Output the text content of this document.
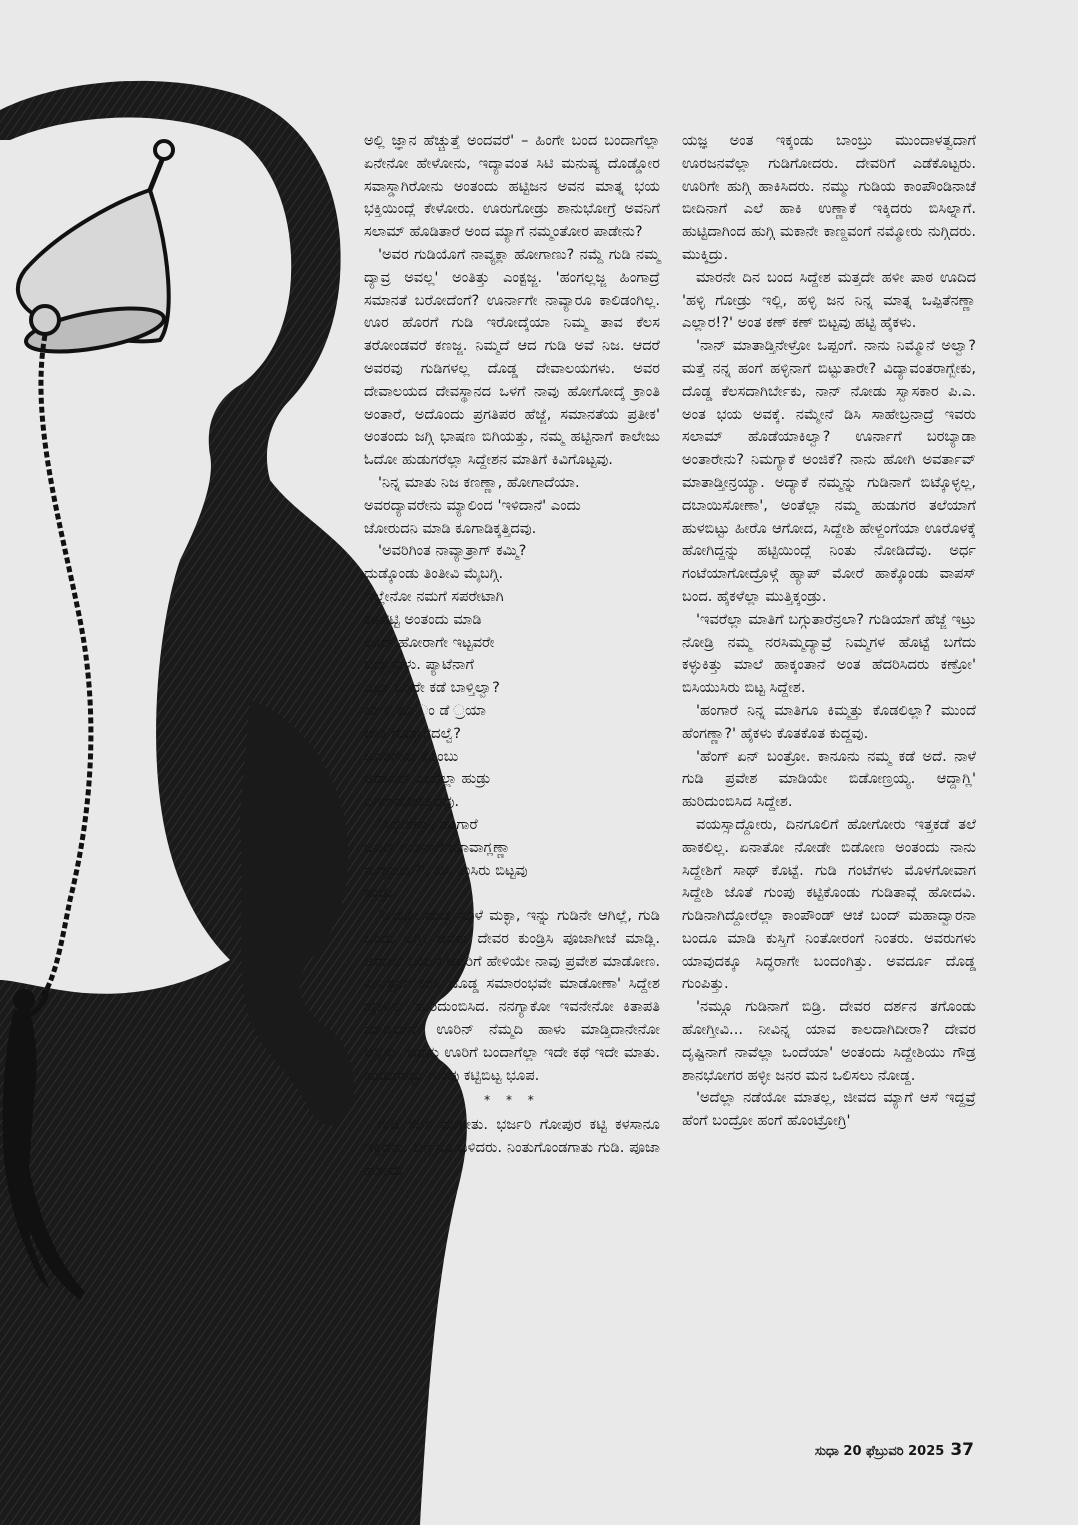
ಅಲ್ಲಿ ಜ್ಞಾನ ಹೆಚ್ಚುತ್ತೆ ಅಂದವರೆ' – ಹಿಂಗೇ ಬಂದ ಬಂದಾಗೆಲ್ಲಾ ಏನೇನೋ ಹೇಳೋನು, ಇದ್ಯಾವಂತ ಸಿಟಿ ಮನುಷ್ಯ ದೊಡ್ಡೋರ ಸವಾಸ್ಡಾಗಿರೋನು ಅಂತಂದು ಹಟ್ಟಿಜನ ಅವನ ಮಾತ್ನ ಭಯ ಭಕ್ತಿಯಿಂದ್ಲೆ ಕೇಳೋರು. ಊರುಗೋಡ್ರು ಶಾನುಭೋಗ್ರೆ ಅವನಿಗೆ ಸಲಾಮ್ ಹೊಡಿತಾರೆ ಅಂದ ಮ್ಯಾಗೆ ನಮ್ಮಂತೋರ ಪಾಡೇನು?

'ಅವರ ಗುಡಿಯೊಗೆ ನಾವ್ಯಕ್ಲಾ ಹೋಗಾಣು? ನಮ್ದೆ ಗುಡಿ ನಮ್ಮ ದ್ಯಾವ್ರ ಅವಲ್ಲ' ಅಂತಿತ್ತು ಎಂಕ್ಟಜ್ಜ. 'ಹಂಗಲ್ಲಜ್ಜ ಹಿಂಗಾದ್ರೆ ಸಮಾನತೆ ಬರೋದೆಂಗೆ? ಊರ್ನಾಗೇ ನಾವ್ಯಾರೂ ಕಾಲಿಡಂಗಿಲ್ಲ. ಊರ ಹೊರಗೆ ಗುಡಿ ಇರೋದ್ಕೆಯಾ ನಿಮ್ಮ ತಾವ ಕೆಲಸ ತರೋಂಡವರೆ ಕಣಜ್ಜ. ನಿಮ್ಮದೆ ಆದ ಗುಡಿ ಅವೆ ನಿಜ. ಆದರೆ ಅವರವು ಗುಡಿಗಳಲ್ಲ ದೊಡ್ಡ ದೇವಾಲಯಗಳು. ಅವರ ದೇವಾಲಯದ ದೇವಸ್ಥಾನದ ಒಳಗೆ ನಾವು ಹೋಗೋದ್ಕೆ ಕ್ರಾಂತಿ ಅಂತಾರೆ, ಅದೊಂದು ಪ್ರಗತಿಪರ ಹೆಜ್ಜೆ, ಸಮಾನತೆಯ ಪ್ರತೀಕ' ಅಂತಂದು ಜಗ್ಗಿ ಭಾಷಣ ಬಿಗಿಯತ್ತು, ನಮ್ಮ ಹಟ್ಟಿನಾಗೆ ಕಾಲೇಜು ಓದೋ ಹುಡುಗರೆಲ್ಲಾ ಸಿದ್ದೇಶನ ಮಾತಿಗೆ ಕಿವಿಗೊಟ್ಟವು.

'ನಿನ್ನ ಮಾತು ನಿಜ ಕಣಣ್ಣಾ, ಹೋಗಾದೆಯಾ.

ಅವರದ್ಯಾವರೇನು ಮ್ಯಾಲಿಂದ 'ಇಳಿದಾನೆ' ಎಂದು

ಜೋರುದನಿ ಮಾಡಿ ಕೂಗಾಡಿಕ್ಕತ್ತಿದವು.

'ಅವರಿಗಿಂತ ನಾವ್ಯಾತ್ರಾಗ್ ಕಮ್ಮಿ?

ದುಡ್ಕೊಂಡು ತಿಂತೀವಿ ಮೈಬಗ್ಗಿ.

ಇಲ್ಲೇನೋ ನಮಗೆ ಸಪರೇಟಾಗಿ

ಕೆಳಹಟ್ಟಿ ಅಂತಂದು ಮಾಡಿ

ಊರ್ ಹೋರಾಗೇ ಇಟ್ಟವರೇ

ಬದ್ಮಾಸ್ಗುಳು. ಪ್ಯಾಟೆನಾಗೆ

ಎಲ್ಲಾ ಒಂದೇ ಕಡೆ ಬಾಳ್ತಿಲ್ವಾ?

ಹೇ ಳೆ ಕೊ ಂ ಡೆ ್ರಯಾ

ಜಾತಿ ಗೊತ್ತಾಗದಲ್ವೆ?

ಅವರಿಗೇನು ಕೊಂಬು

ಅದಾವರ್ ಎಂದೆಲ್ಲಾ ಹುಡ್ರು

ಎಗರಾಡೋಕತ್ತಿದವು.

'ಸಿದ್ದೇಶಣ್ಣಾ, ಹಂಗಾರೆ

ಅವರ್ ಗುಡಿನಾಗೆ ಯಾವಾಗ್ಲಣ್ಣಾ

ನುಗ್ಗೋದು?', ಬಸಿ ಉಸಿರು ಬಿಟ್ಟವು

ಹುಡ್ರು.

'ಅಯ್ಯೋ ಹುಚ್ಚ ಸೂಳೆ ಮಕ್ಳಾ, ಇನ್ನು ಗುಡಿನೇ ಆಗಿಲ್ಲೆ, ಗುಡಿ ಒಂದು ಅಗ್ಲಿ. ಅವರು ದೇವರ ಕುಂಡ್ರಿಸಿ ಪೂಜಾಗೀಜೆ ಮಾಡ್ಲಿ. ಆಮೇಲೆ ಒಂದಿನ ಅವರಿಗೆ ಹೇಳಿಯೇ ನಾವು ಪ್ರವೇಶ ಮಾಡೋಣ. ಮಿನಿಸ್ಟರ್ನ ಕರೆಸಿ ದೊಡ್ಡ ಸಮಾರಂಭವೇ ಮಾಡೋಣಾ' ಸಿದ್ದೇಶ ಹೈಕಳನ್ನು ಹುರಿದುಂಬಿಸಿದ. ನನಗ್ಯಾಕೋ ಇವನೇನೋ ಕಿತಾಪತಿ ಮಾಡ್ತಿದಾನೆ, ಊರಿನ್ ನೆಮ್ಮದಿ ಹಾಳು ಮಾಡ್ತಿದಾನೇನೋ ಅನ್ನಿಸ್ತು. ಅವನು ಊರಿಗೆ ಬಂದಾಗೆಲ್ಲಾ ಇದೇ ಕಥೆ ಇದೇ ಮಾತು. ಹುಡುಗರದ್ದು ಗುಂಪು ಕಟ್ಟಿಬಿಟ್ಟ ಭೂಪ.

* * *

ಗುಡಿ ಕೆಲಸ ಮುಗೀತು. ಭರ್ಜರಿ ಗೋಪುರ ಕಟ್ಟಿ ಕಳಸಾನೂ ಇಕ್ಕಿದರು. ಬಣ್ಣನೂ ಬಳಿದರು. ನಿಂತುಗೊಂಡಗಾತು ಗುಡಿ. ಪೂಜಾ ಹೋಮ

ಯಜ್ಞ ಅಂತ ಇಕ್ಕಂಡು ಬಾಂಬ್ರು ಮುಂದಾಳತ್ವದಾಗೆ ಊರಜನವೆಲ್ಲಾ ಗುಡಿಗೋದರು. ದೇವರಿಗೆ ಎಡೆಕೊಟ್ಟರು. ಊರಿಗೇ ಹುಗ್ಗಿ ಹಾಕಿಸಿದರು. ನಮ್ಮು ಗುಡಿಯ ಕಾಂಪೌಂಡಿನಾಚೆ ಬೀದಿನಾಗೆ ಎಲೆ ಹಾಕಿ ಉಣ್ಣಾಕೆ ಇಕ್ಕಿದರು ಬಿಸಿಲ್ನಾಗೆ. ಹುಟ್ಟಿದಾಗಿಂದ ಹುಗ್ಗಿ ಮಕಾನೇ ಕಾಣ್ದವಂಗೆ ನಮ್ಮೋರು ನುಗ್ಗಿದರು. ಮುಕ್ಕಿದ್ರು.

ಮಾರನೇ ದಿನ ಬಂದ ಸಿದ್ದೇಶ ಮತ್ತದೇ ಹಳೀ ಪಾಠ ಊದಿದ 'ಹಳ್ಳಿ ಗೋಡ್ರು ಇಲ್ಲಿ, ಹಳ್ಳಿ ಜನ ನಿನ್ನ ಮಾತ್ನ ಒಪ್ಪಿತೆನಣ್ಣಾ ಎಲ್ಲಾರ!?' ಅಂತ ಕಣ್ ಕಣ್ ಬಿಟ್ಟವು ಹಟ್ಟಿ ಹೈಕಳು.

'ನಾನ್ ಮಾತಾಡ್ತಿನೇಳ್ರೋ ಒಪ್ಪಂಗೆ. ನಾನು ನಿಮ್ಮೊನೆ ಅಲ್ವಾ? ಮತ್ತೆ ನನ್ನ ಹಂಗೆ ಹಳ್ಳಿನಾಗೆ ಬಿಟ್ಟುತಾರೇ? ವಿದ್ಯಾವಂತರಾಗ್ಬೇಕು, ದೊಡ್ಡ ಕೆಲಸದಾಗಿರ್ಬೇಕು, ನಾನ್ ನೋಡು ಸ್ವಾಸಕಾರ ಪಿ.ಎ. ಅಂತ ಭಯ ಅವಕ್ಕೆ. ನಮ್ಮೇನೆ ಡಿಸಿ ಸಾಹೇಬ್ರನಾದ್ರೆ ಇವರು ಸಲಾಮ್ ಹೊಡೆಯಾಕಿಲ್ವಾ? ಊರ್ನಾಗೆ ಬರಬ್ಯಾಡಾ ಅಂತಾರೇನು? ನಿಮಗ್ಯಾಕೆ ಅಂಜಿಕೆ? ನಾನು ಹೋಗಿ ಅವರ್ತಾವ್ ಮಾತಾಡ್ತೀನ್ರಯ್ಯಾ. ಅದ್ಯಾಕೆ ನಮ್ಮನ್ನು ಗುಡಿನಾಗೆ ಬಿಟ್ಕೊಳ್ಳಲ್ಲ, ದಬಾಯಿಸೋಣಾ', ಅಂತೆಲ್ಲಾ ನಮ್ಮ ಹುಡುಗರ ತಲೆಯಾಗೆ ಹುಳಬಿಟ್ಟು ಹೀರೊ ಆಗೋದ, ಸಿದ್ದೇಶಿ ಹೇಳ್ದಂಗೆಯಾ ಊರೊಳಕ್ಕೆ ಹೋಗಿದ್ದನ್ನು ಹಟ್ಟಿಯಿಂದ್ಲೆ ನಿಂತು ನೋಡಿದೆವು. ಅರ್ಧ ಗಂಟೆಯಾಗೋದ್ರೊಳ್ಗೆ ಹ್ಯಾಪ್ ಮೋರೆ ಹಾಕ್ಕೊಂಡು ವಾಪಸ್ ಬಂದ. ಹೈಕಳೆಲ್ಲಾ ಮುತ್ತಿಕ್ಕಂಡ್ರು.

'ಇವರೆಲ್ಲಾ ಮಾತಿಗೆ ಬಗ್ಗುತಾರೆನ್ರಲಾ? ಗುಡಿಯಾಗೆ ಹೆಜ್ಜೆ ಇಟ್ರು ನೋಡ್ರಿ ನಮ್ಮ ನರಸಿಮ್ಮದ್ಯಾವ್ರೆ ನಿಮ್ಮಗಳ ಹೊಟ್ಟೆ ಬಗೆದು ಕಳ್ಳುಕಿತ್ತು ಮಾಲೆ ಹಾಕ್ಕಂತಾನೆ ಅಂತ ಹೆದರಿಸಿದರು ಕಣ್ರೋ' ಬಿಸಿಯುಸಿರು ಬಿಟ್ಟ ಸಿದ್ದೇಶ.

'ಹಂಗಾರೆ ನಿನ್ನ ಮಾತಿಗೂ ಕಿಮ್ಮತ್ತು ಕೊಡಲಿಲ್ಲಾ? ಮುಂದೆ ಹೆಂಗಣ್ಣಾ?' ಹೈಕಳು ಕೊತಕೊತ ಕುದ್ದವು.

'ಹೆಂಗ್ ಏನ್ ಬಂತ್ರೋ. ಕಾನೂನು ನಮ್ಮ ಕಡೆ ಅದೆ. ನಾಳೆ ಗುಡಿ ಪ್ರವೇಶ ಮಾಡಿಯೇ ಬಿಡೋಣ್ರಯ್ಯ. ಆದ್ದಾಗ್ಲಿ' ಹುರಿದುಂಬಿಸಿದ ಸಿದ್ದೇಶ.

ವಯಸ್ಸಾದ್ದೋರು, ದಿನಗೂಲಿಗೆ ಹೋಗೋರು ಇತ್ತಕಡೆ ತಲೆ ಹಾಕಲಿಲ್ಲ. ಏನಾತೋ ನೋಡೇ ಬಿಡೋಣ ಅಂತಂದು ನಾನು ಸಿದ್ದೇಶಿಗೆ ಸಾಥ್ ಕೊಟ್ಟೆ. ಗುಡಿ ಗಂಟೆಗಳು ಮೊಳಗೋವಾಗ ಸಿದ್ದೇಶಿ ಜೊತೆ ಗುಂಪು ಕಟ್ಟಿಕೊಂಡು ಗುಡಿತಾವ್ಗೆ ಹೋದವಿ. ಗುಡಿನಾಗಿದ್ದೋರೆಲ್ಲಾ ಕಾಂಪೌಂಡ್ ಆಚೆ ಬಂದ್ ಮಹಾದ್ವಾರನಾ ಬಂದೂ ಮಾಡಿ ಕುಸ್ತಿಗೆ ನಿಂತೋರಂಗೆ ನಿಂತರು. ಅವರುಗಳು ಯಾವುದಕ್ಕೂ ಸಿದ್ಧರಾಗೇ ಬಂದಂಗಿತ್ತು. ಅವರ್ದೂ ದೊಡ್ಡ ಗುಂಪಿತ್ತು.

'ನಮ್ಗೂ ಗುಡಿನಾಗೆ ಬಿಡ್ರಿ. ದೇವರ ದರ್ಶನ ತಗೊಂಡು ಹೋಗ್ತೀವಿ... ನೀವಿನ್ನ ಯಾವ ಕಾಲದಾಗಿದೀರಾ? ದೇವರ ದೃಷ್ಟಿನಾಗೆ ನಾವೆಲ್ಲಾ ಒಂದೆಯಾ' ಅಂತಂದು ಸಿದ್ದೇಶಿಯು ಗೌಡ್ರ ಶಾನಭೋಗರ ಹಳ್ಳೀ ಜನರ ಮನ ಒಲಿಸಲು ನೋಡ್ದ.

'ಅದೆಲ್ಲಾ ನಡೆಯೋ ಮಾತಲ್ಲ, ಜೀವದ ಮ್ಯಾಗೆ ಆಸೆ ಇದ್ದವ್ರೆ ಹೆಂಗೆ ಬಂದ್ರೋ ಹಂಗೆ ಹೊಂಟ್ರೋಗ್ರಿ'

ಸುಧಾ 20 ಫೆಬ್ರುವರಿ 2025 37
